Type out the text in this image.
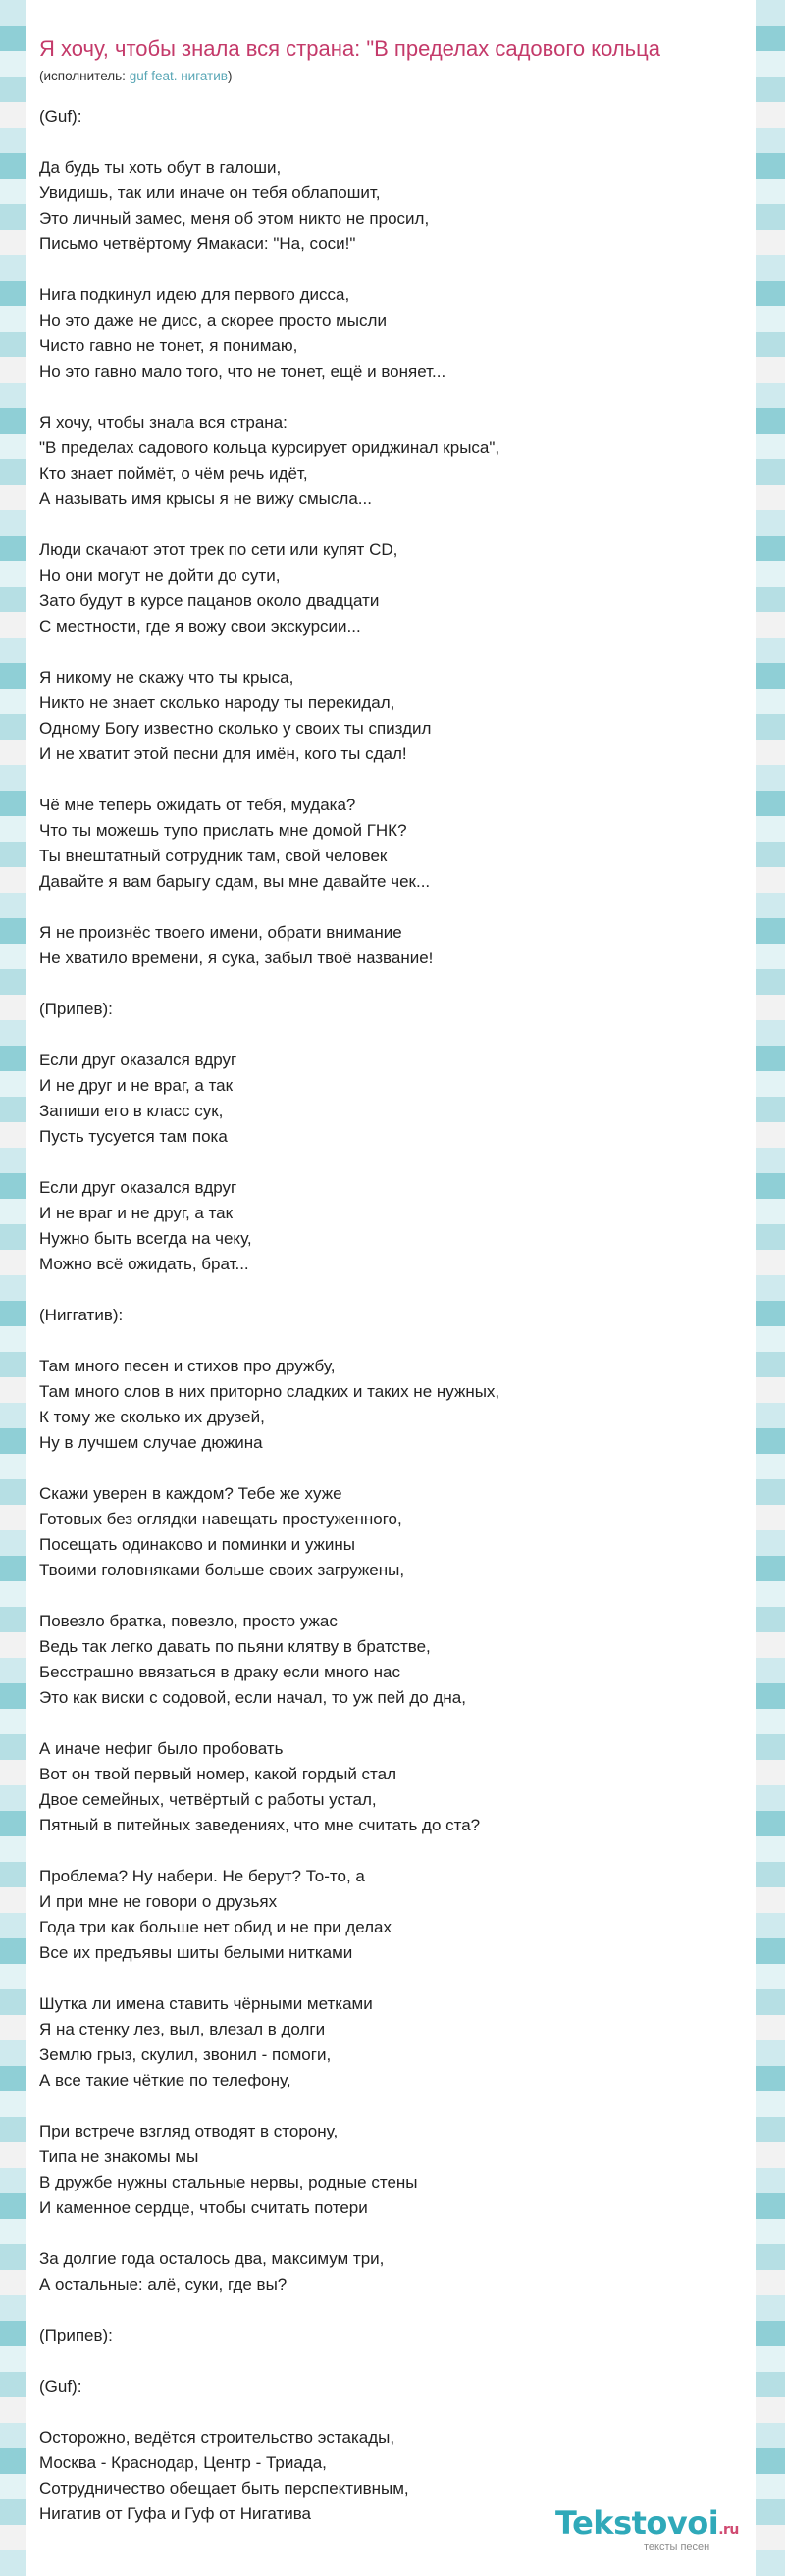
Я хочу, чтобы знала вся страна: "В пределах садового кольца
(исполнитель: guf feat. нигатив)
(Guf):

Да будь ты хоть обут в галоши,
Увидишь, так или иначе он тебя облапошит,
Это личный замес, меня об этом никто не просил,
Письмо четвёртому Ямакаси: "На, соси!"

Нига подкинул идею для первого дисса,
Но это даже не дисс, а скорее просто мысли
Чисто гавно не тонет, я понимаю,
Но это гавно мало того, что не тонет, ещё и воняет...

Я хочу, чтобы знала вся страна:
"В пределах садового кольца курсирует ориджинал крыса",
Кто знает поймёт, о чём речь идёт,
А называть имя крысы я не вижу смысла...

Люди скачают этот трек по сети или купят CD,
Но они могут не дойти до сути,
Зато будут в курсе пацанов около двадцати
С местности, где я вожу свои экскурсии...

Я никому не скажу что ты крыса,
Никто не знает сколько народу ты перекидал,
Одному Богу известно сколько у своих ты спиздил
И не хватит этой песни для имён, кого ты сдал!

Чё мне теперь ожидать от тебя, мудака?
Что ты можешь тупо прислать мне домой ГНК?
Ты внештатный сотрудник там, свой человек
Давайте я вам барыгу сдам, вы мне давайте чек...

Я не произнёс твоего имени, обрати внимание
Не хватило времени, я сука, забыл твоё название!

(Припев):

Если друг оказался вдруг
И не друг и не враг, а так
Запиши его в класс сук,
Пусть тусуется там пока

Если друг оказался вдруг
И не враг и не друг, а так
Нужно быть всегда на чеку,
Можно всё ожидать, брат...

(Ниггатив):

Там много песен и стихов про дружбу,
Там много слов в них приторно сладких и таких не нужных,
К тому же сколько их друзей,
Ну в лучшем случае дюжина

Скажи уверен в каждом? Тебе же хуже
Готовых без оглядки навещать простуженного,
Посещать одинаково и поминки и ужины
Твоими головняками больше своих загружены,

Повезло братка, повезло, просто ужас
Ведь так легко давать по пьяни клятву в братстве,
Бесстрашно ввязаться в драку если много нас
Это как виски с содовой, если начал, то уж пей до дна,

А иначе нефиг было пробовать
Вот он твой первый номер, какой гордый стал
Двое семейных, четвёртый с работы устал,
Пятный в питейных заведениях, что мне считать до ста?

Проблема? Ну набери. Не берут? То-то, а
И при мне не говори о друзьях
Года три как больше нет обид и не при делах
Все их предъявы шиты белыми нитками

Шутка ли имена ставить чёрными метками
Я на стенку лез, выл, влезал в долги
Землю грыз, скулил, звонил - помоги,
А все такие чёткие по телефону,

При встрече взгляд отводят в сторону,
Типа не знакомы мы
В дружбе нужны стальные нервы, родные стены
И каменное сердце, чтобы считать потери

За долгие года осталось два, максимум три,
А остальные: алё, суки, где вы?

(Припев):

(Guf):

Осторожно, ведётся строительство эстакады,
Москва - Краснодар, Центр - Триада,
Сотрудничество обещает быть перспективным,
Нигатив от Гуфа и Гуф от Нигатива	Tekstovoi.ru
тексты песен
